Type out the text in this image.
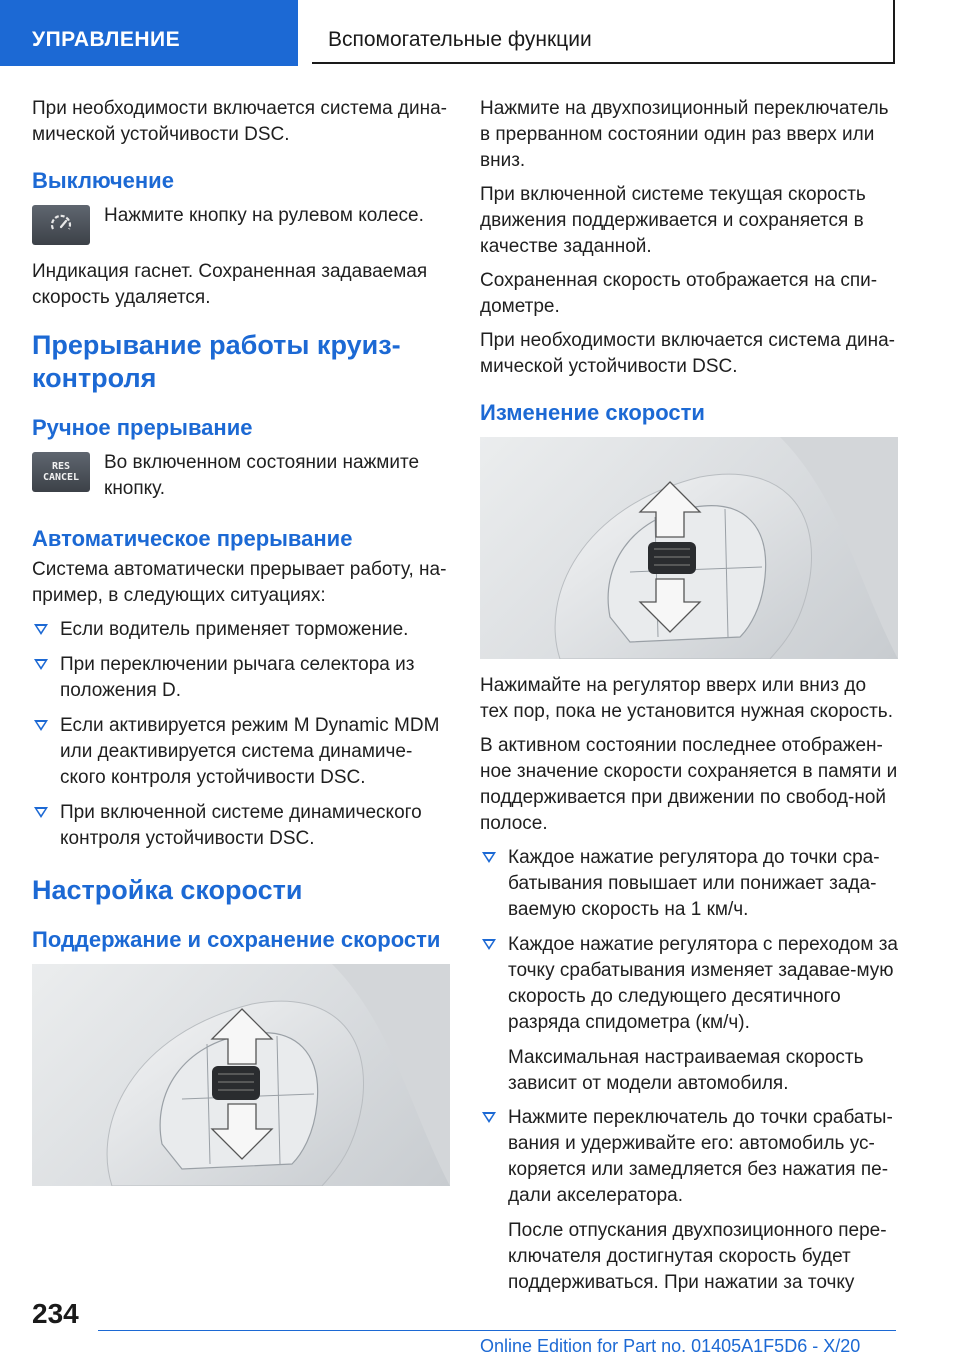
УПРАВЛЕНИЕ	Вспомогательные функции

При необходимости включается система дина-мической устойчивости DSC.

Выключение

Нажмите кнопку на рулевом колесе.

Индикация гаснет. Сохраненная задаваемая скорость удаляется.

Прерывание работы круиз-контроля
Ручное прерывание
RES CANCEL

Во включенном состоянии нажмите кнопку.

Автоматическое прерывание

Система автоматически прерывает работу, на-пример, в следующих ситуациях:

Если водитель применяет торможение.
При переключении рычага селектора из положения D.
Если активируется режим M Dynamic MDM или деактивируется система динамиче-ского контроля устойчивости DSC.
При включенной системе динамического контроля устойчивости DSC.
Настройка скорости
Поддержание и сохранение скорости

Нажмите на двухпозиционный переключатель в прерванном состоянии один раз вверх или вниз.

При включенной системе текущая скорость движения поддерживается и сохраняется в качестве заданной.

Сохраненная скорость отображается на спи-дометре.

При необходимости включается система дина-мической устойчивости DSC.

Изменение скорости

Нажимайте на регулятор вверх или вниз до тех пор, пока не установится нужная скорость.

В активном состоянии последнее отображен-ное значение скорости сохраняется в памяти и поддерживается при движении по свобод-ной полосе.

Каждое нажатие регулятора до точки сра-батывания повышает или понижает зада-ваемую скорость на 1 км/ч.
Каждое нажатие регулятора с переходом за точку срабатывания изменяет задавае-мую скорость до следующего десятичного разряда спидометра (км/ч).

Максимальная настраиваемая скорость зависит от модели автомобиля.

Нажмите переключатель до точки срабаты-вания и удерживайте его: автомобиль ус-коряется или замедляется без нажатия пе-дали акселератора.

После отпускания двухпозиционного пере-ключателя достигнутая скорость будет поддерживаться. При нажатии за точку

234
Online Edition for Part no. 01405A1F5D6 - X/20
